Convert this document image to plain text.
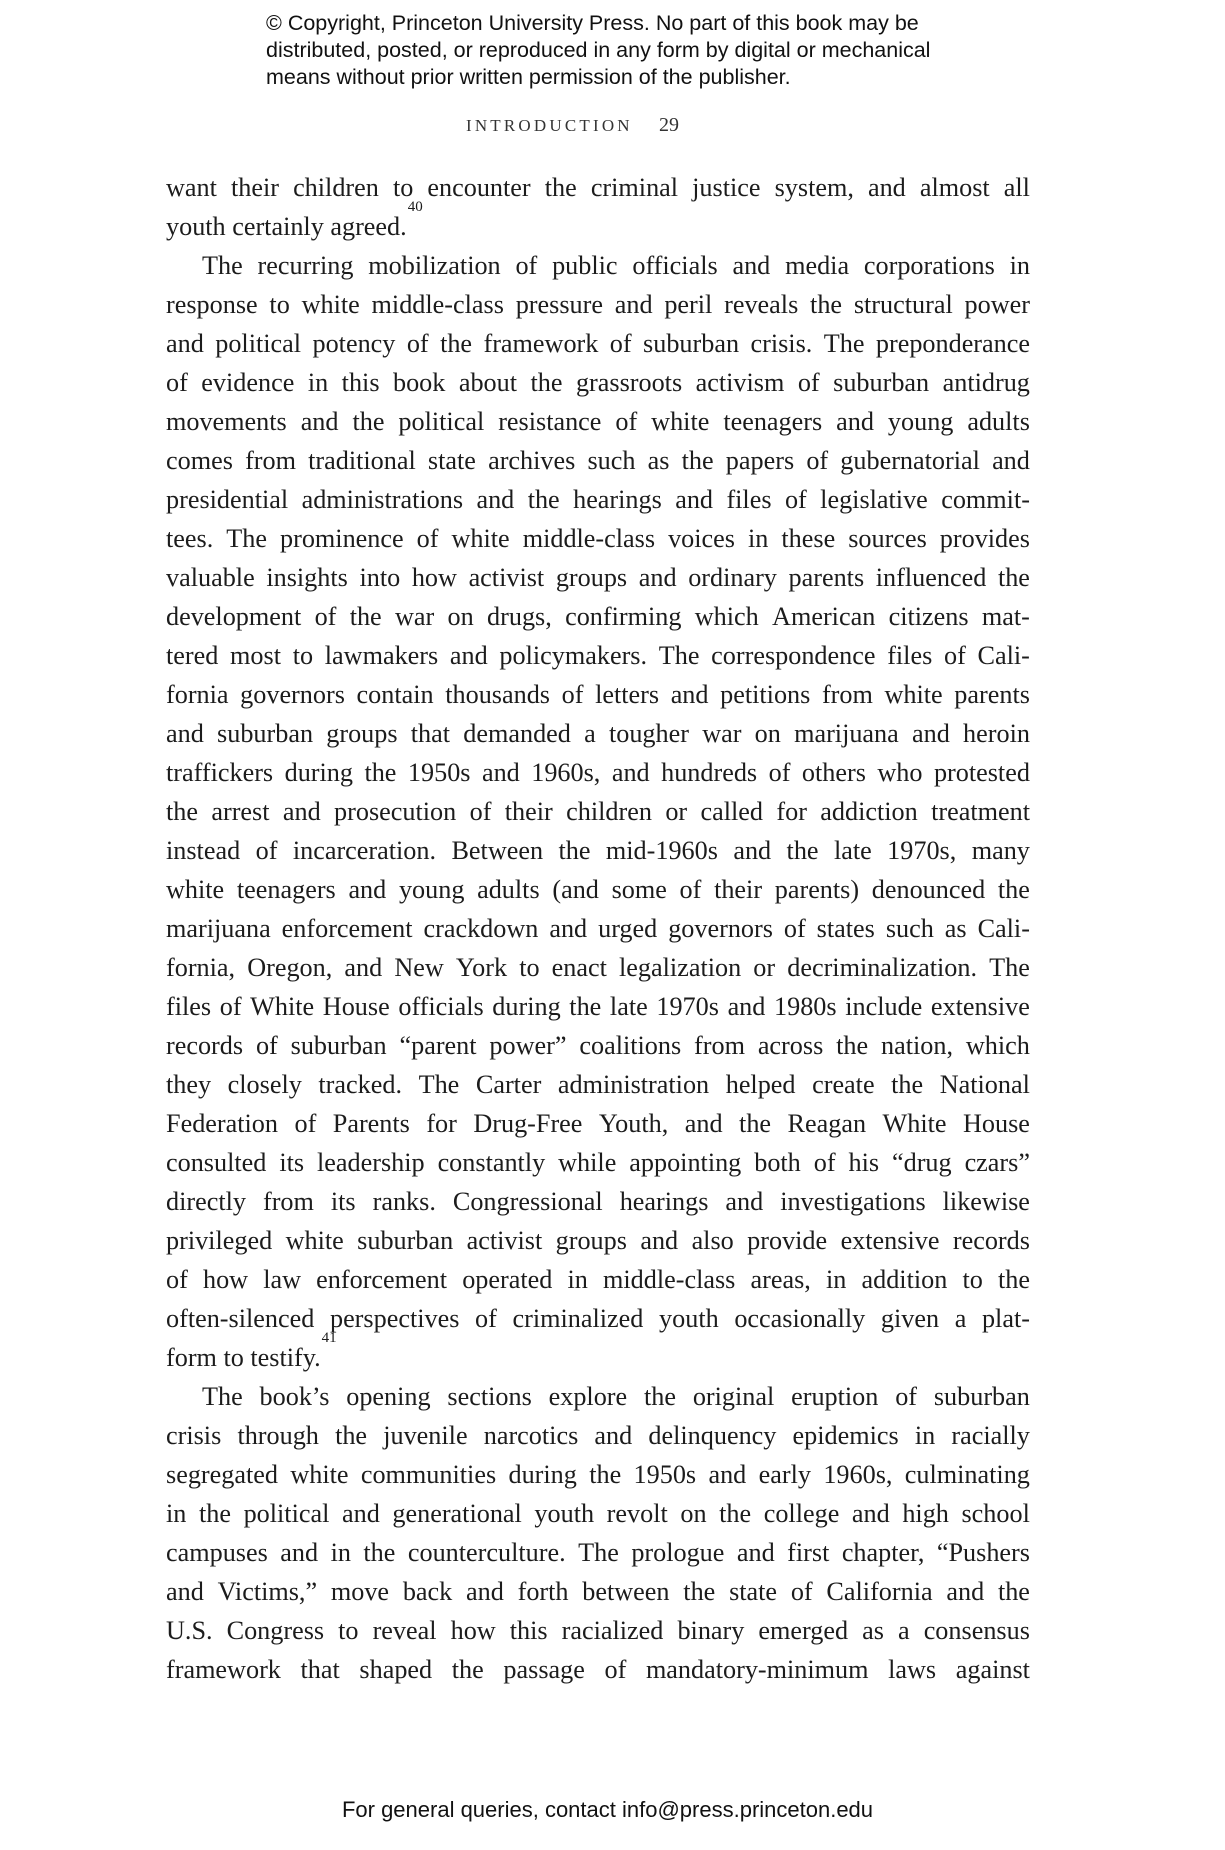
© Copyright, Princeton University Press. No part of this book may be
distributed, posted, or reproduced in any form by digital or mechanical
means without prior written permission of the publisher.
INTRODUCTION 29
want their children to encounter the criminal justice system, and almost all
youth certainly agreed.
40
The recurring mobilization of public officials and media corporations in
response to white middle-class pressure and peril reveals the structural power
and political potency of the framework of suburban crisis. The preponderance
of evidence in this book about the grassroots activism of suburban antidrug
movements and the political resistance of white teenagers and young adults
comes from traditional state archives such as the papers of gubernatorial and
presidential administrations and the hearings and files of legislative commit-
tees. The prominence of white middle-class voices in these sources provides
valuable insights into how activist groups and ordinary parents influenced the
development of the war on drugs, confirming which American citizens mat-
tered most to lawmakers and policymakers. The correspondence files of Cali-
fornia governors contain thousands of letters and petitions from white parents
and suburban groups that demanded a tougher war on marijuana and heroin
traffickers during the 1950s and 1960s, and hundreds of others who protested
the arrest and prosecution of their children or called for addiction treatment
instead of incarceration. Between the mid-1960s and the late 1970s, many
white teenagers and young adults (and some of their parents) denounced the
marijuana enforcement crackdown and urged governors of states such as Cali-
fornia, Oregon, and New York to enact legalization or decriminalization. The
files of White House officials during the late 1970s and 1980s include extensive
records of suburban “parent power” coalitions from across the nation, which
they closely tracked. The Carter administration helped create the National
Federation of Parents for Drug-Free Youth, and the Reagan White House
consulted its leadership constantly while appointing both of his “drug czars”
directly from its ranks. Congressional hearings and investigations likewise
privileged white suburban activist groups and also provide extensive records
of how law enforcement operated in middle-class areas, in addition to the
often-silenced perspectives of criminalized youth occasionally given a plat-
form to testify.
41
The book’s opening sections explore the original eruption of suburban
crisis through the juvenile narcotics and delinquency epidemics in racially
segregated white communities during the 1950s and early 1960s, culminating
in the political and generational youth revolt on the college and high school
campuses and in the counterculture. The prologue and first chapter, “Pushers
and Victims,” move back and forth between the state of California and the
U.S. Congress to reveal how this racialized binary emerged as a consensus
framework that shaped the passage of mandatory-minimum laws against
For general queries, contact info@press.princeton.edu
